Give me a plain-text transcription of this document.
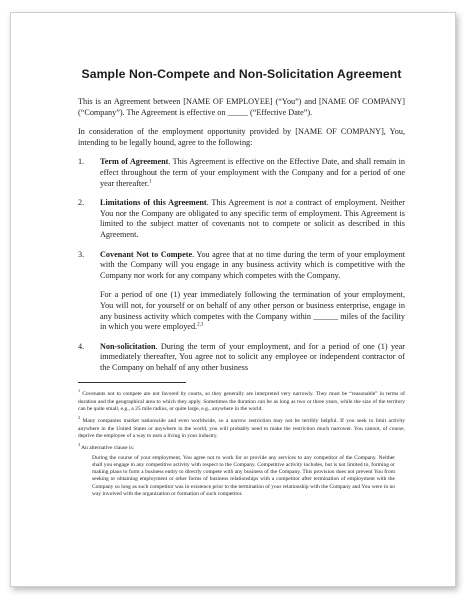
Sample Non-Compete and Non-Solicitation Agreement

This is an Agreement between [NAME OF EMPLOYEE] (“You”) and [NAME OF COMPANY] (“Company”). The Agreement is effective on _____ (“Effective Date”).

In consideration of the employment opportunity provided by [NAME OF COMPANY], You, intending to be legally bound, agree to the following:

1. Term of Agreement. This Agreement is effective on the Effective Date, and shall remain in effect throughout the term of your employment with the Company and for a period of one year thereafter.$^1$
2. Limitations of this Agreement. This Agreement is not a contract of employment. Neither You nor the Company are obligated to any specific term of employment. This Agreement is limited to the subject matter of covenants not to compete or solicit as described in this Agreement.
3. Covenant Not to Compete. You agree that at no time during the term of your employment with the Company will you engage in any business activity which is competitive with the Company nor work for any company which competes with the Company.
For a period of one (1) year immediately following the termination of your employment, You will not, for yourself or on behalf of any other person or business enterprise, engage in any business activity which competes with the Company within ______ miles of the facility in which you were employed.$^{2,3}$
4. Non-solicitation. During the term of your employment, and for a period of one (1) year immediately thereafter, You agree not to solicit any employee or independent contractor of the Company on behalf of any other business

$^1$ Covenants not to compete are not favored by courts, so they generally are interpreted very narrowly. They must be “reasonable” in terms of duration and the geographical area to which they apply. Sometimes the duration can be as long as two or three years, while the size of the territory can be quite small, e.g., a 25 mile radius, or quite large, e.g., anywhere in the world.

$^2$ Many companies market nationwide and even worldwide, so a narrow restriction may not be terribly helpful. If you seek to limit activity anywhere in the United States or anywhere in the world, you will probably need to make the restriction much narrower. You cannot, of course, deprive the employee of a way to earn a living in your industry.

$^3$ An alternative clause is:
During the course of your employment, You agree not to work for or provide any services to any competitor of the Company. Neither shall you engage in any competitive activity with respect to the Company. Competitive activity includes, but is not limited to, forming or making plans to form a business entity to directly compete with any business of the Company. This provision does not prevent You from seeking or obtaining employment or other forms of business relationships with a competitor after termination of employment with the Company so long as such competitor was in existence prior to the termination of your relationship with the Company and You were in no way involved with the organization or formation of such competitor.
